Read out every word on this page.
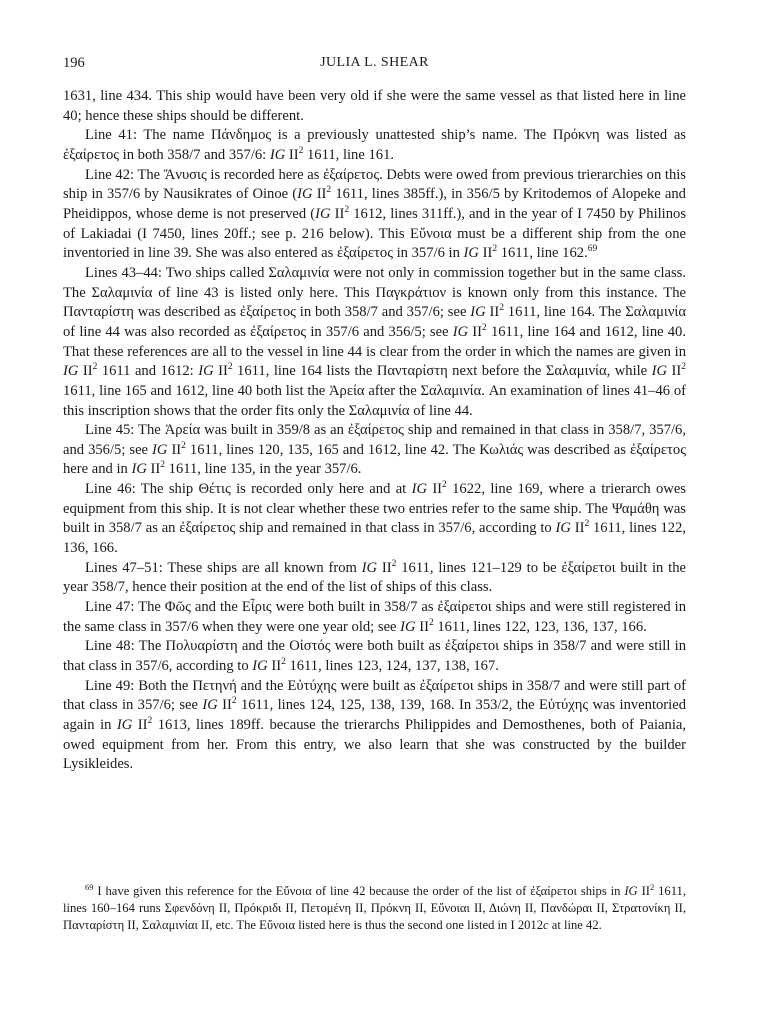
196	JULIA L. SHEAR

1631, line 434. This ship would have been very old if she were the same vessel as that listed here in line 40; hence these ships should be different.

Line 41: The name Πάνδημος is a previously unattested ship’s name. The Πρόκνη was listed as ἐξαίρετος in both 358/7 and 357/6: IG $II^2$ 1611, line 161.

Line 42: The Ἄνυσις is recorded here as ἐξαίρετος. Debts were owed from previous trierarchies on this ship in 357/6 by Nausikrates of Oinoe (IG $II^2$ 1611, lines 385ff.), in 356/5 by Kritodemos of Alopeke and Pheidippos, whose deme is not preserved (IG $II^2$ 1612, lines 311ff.), and in the year of I 7450 by Philinos of Lakiadai (I 7450, lines 20ff.; see p. 216 below). This Εὔνοια must be a different ship from the one inventoried in line 39. She was also entered as ἐξαίρετος in 357/6 in IG $II^2$ 1611, line 162.69

Lines 43–44: Two ships called Σαλαμινία were not only in commission together but in the same class. The Σαλαμινία of line 43 is listed only here. This Παγκράτιον is known only from this instance. The Πανταρίστη was described as ἐξαίρετος in both 358/7 and 357/6; see IG $II^2$ 1611, line 164. The Σαλαμινία of line 44 was also recorded as ἐξαίρετος in 357/6 and 356/5; see IG $II^2$ 1611, line 164 and 1612, line 40. That these references are all to the vessel in line 44 is clear from the order in which the names are given in IG $II^2$ 1611 and 1612: IG $II^2$ 1611, line 164 lists the Πανταρίστη next before the Σαλαμινία, while IG $II^2$ 1611, line 165 and 1612, line 40 both list the Ἀρεία after the Σαλαμινία. An examination of lines 41–46 of this inscription shows that the order fits only the Σαλαμινία of line 44.

Line 45: The Ἀρεία was built in 359/8 as an ἐξαίρετος ship and remained in that class in 358/7, 357/6, and 356/5; see IG $II^2$ 1611, lines 120, 135, 165 and 1612, line 42. The Κωλιάς was described as ἐξαίρετος here and in IG $II^2$ 1611, line 135, in the year 357/6.

Line 46: The ship Θέτις is recorded only here and at IG $II^2$ 1622, line 169, where a trierarch owes equipment from this ship. It is not clear whether these two entries refer to the same ship. The Ψαμάθη was built in 358/7 as an ἐξαίρετος ship and remained in that class in 357/6, according to IG $II^2$ 1611, lines 122, 136, 166.

Lines 47–51: These ships are all known from IG $II^2$ 1611, lines 121–129 to be ἐξαίρετοι built in the year 358/7, hence their position at the end of the list of ships of this class.

Line 47: The Φῶς and the Εἶρις were both built in 358/7 as ἐξαίρετοι ships and were still registered in the same class in 357/6 when they were one year old; see IG $II^2$ 1611, lines 122, 123, 136, 137, 166.

Line 48: The Πολυαρίστη and the Οἰστός were both built as ἐξαίρετοι ships in 358/7 and were still in that class in 357/6, according to IG $II^2$ 1611, lines 123, 124, 137, 138, 167.

Line 49: Both the Πετηνή and the Εὐτύχης were built as ἐξαίρετοι ships in 358/7 and were still part of that class in 357/6; see IG $II^2$ 1611, lines 124, 125, 138, 139, 168. In 353/2, the Εὐτύχης was inventoried again in IG $II^2$ 1613, lines 189ff. because the trierarchs Philippides and Demosthenes, both of Paiania, owed equipment from her. From this entry, we also learn that she was constructed by the builder Lysikleides.

$^{69}$ I have given this reference for the Εὔνοια of line 42 because the order of the list of ἐξαίρετοι ships in IG $II^2$ 1611, lines 160–164 runs Σφενδόνη ΙΙ, Πρόκριδι ΙΙ, Πετομένη ΙΙ, Πρόκνη ΙΙ, Εὔνοιαι ΙΙ, Διώνη ΙΙ, Πανδώραι ΙΙ, Στρατονίκη ΙΙ, Πανταρίστη ΙΙ, Σαλαμινίαι ΙΙ, etc. The Εὔνοια listed here is thus the second one listed in I 2012c at line 42.
